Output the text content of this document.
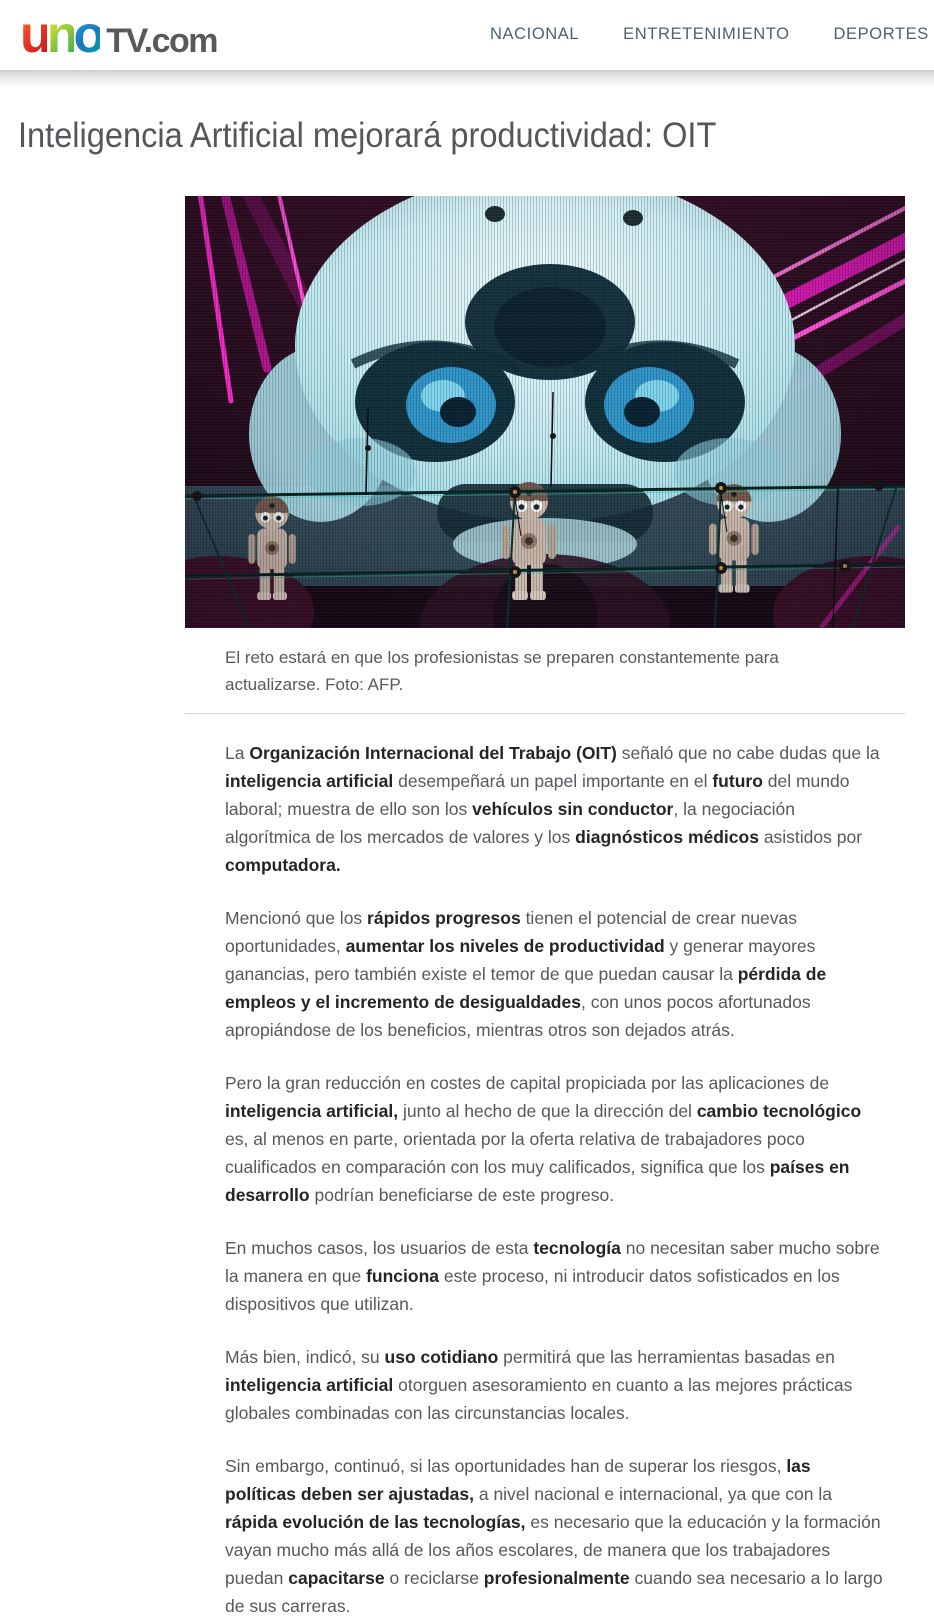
u n o TV.com	NACIONAL	ENTRETENIMIENTO	DEPORTES
Inteligencia Artificial mejorará productividad: OIT

El reto estará en que los profesionistas se preparen constantemente para actualizarse. Foto: AFP.

La Organización Internacional del Trabajo (OIT) señaló que no cabe dudas que la inteligencia artificial desempeñará un papel importante en el futuro del mundo laboral; muestra de ello son los vehículos sin conductor, la negociación algorítmica de los mercados de valores y los diagnósticos médicos asistidos por computadora.

Mencionó que los rápidos progresos tienen el potencial de crear nuevas oportunidades, aumentar los niveles de productividad y generar mayores ganancias, pero también existe el temor de que puedan causar la pérdida de empleos y el incremento de desigualdades, con unos pocos afortunados apropiándose de los beneficios, mientras otros son dejados atrás.

Pero la gran reducción en costes de capital propiciada por las aplicaciones de inteligencia artificial, junto al hecho de que la dirección del cambio tecnológico es, al menos en parte, orientada por la oferta relativa de trabajadores poco cualificados en comparación con los muy calificados, significa que los países en desarrollo podrían beneficiarse de este progreso.

En muchos casos, los usuarios de esta tecnología no necesitan saber mucho sobre la manera en que funciona este proceso, ni introducir datos sofisticados en los dispositivos que utilizan.

Más bien, indicó, su uso cotidiano permitirá que las herramientas basadas en inteligencia artificial otorguen asesoramiento en cuanto a las mejores prácticas globales combinadas con las circunstancias locales.

Sin embargo, continuó, si las oportunidades han de superar los riesgos, las políticas deben ser ajustadas, a nivel nacional e internacional, ya que con la rápida evolución de las tecnologías, es necesario que la educación y la formación vayan mucho más allá de los años escolares, de manera que los trabajadores puedan capacitarse o reciclarse profesionalmente cuando sea necesario a lo largo de sus carreras.
